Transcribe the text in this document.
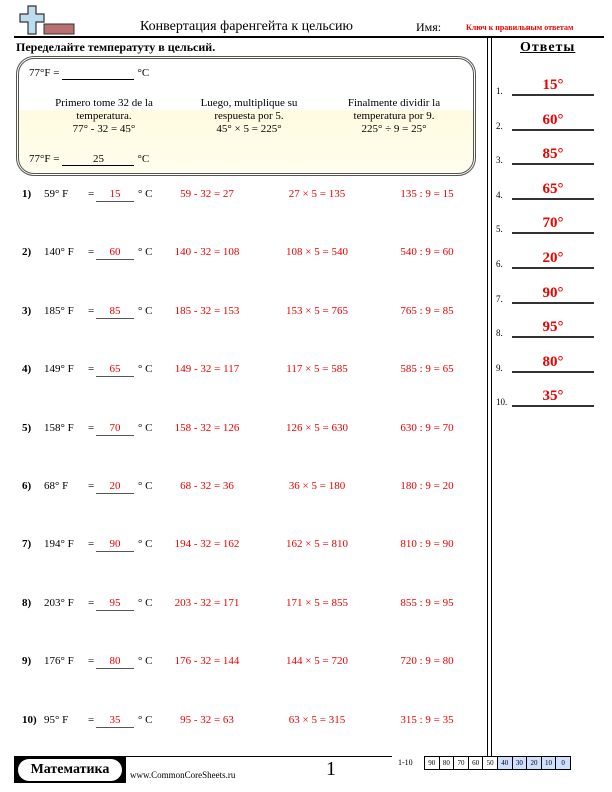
Конвертация фаренгейта к цельсию	Имя:	Ключ к правильным ответам
Переделайте температуту в цельсий.	Ответы
77°F =	°C
Primero tome 32 de la
temperatura.
77° - 32 = 45°
Luego, multiplique su
respuesta por 5.
45° × 5 = 225°
Finalmente dividir la
temperatura por 9.
225° ÷ 9 = 25°
77°F =	25	°C
1) 59° F =	15	° C	59 - 32 = 27	27 × 5 = 135	135 : 9 = 15
2) 140° F =	60	° C	140 - 32 = 108	108 × 5 = 540	540 : 9 = 60
3) 185° F =	85	° C	185 - 32 = 153	153 × 5 = 765	765 : 9 = 85
4) 149° F =	65	° C	149 - 32 = 117	117 × 5 = 585	585 : 9 = 65
5) 158° F =	70	° C	158 - 32 = 126	126 × 5 = 630	630 : 9 = 70
6) 68° F =	20	° C	68 - 32 = 36	36 × 5 = 180	180 : 9 = 20
7) 194° F =	90	° C	194 - 32 = 162	162 × 5 = 810	810 : 9 = 90
8) 203° F =	95	° C	203 - 32 = 171	171 × 5 = 855	855 : 9 = 95
9) 176° F =	80	° C	176 - 32 = 144	144 × 5 = 720	720 : 9 = 80
10) 95° F =	35	° C	95 - 32 = 63	63 × 5 = 315	315 : 9 = 35
1.	15°
2.	60°
3.	85°
4.	65°
5.	70°
6.	20°
7.	90°
8.	95°
9.	80°
10.	35°
Математика	www.CommonCoreSheets.ru	1	1-10	90	80	70	60	50	40	30	20	10	0
